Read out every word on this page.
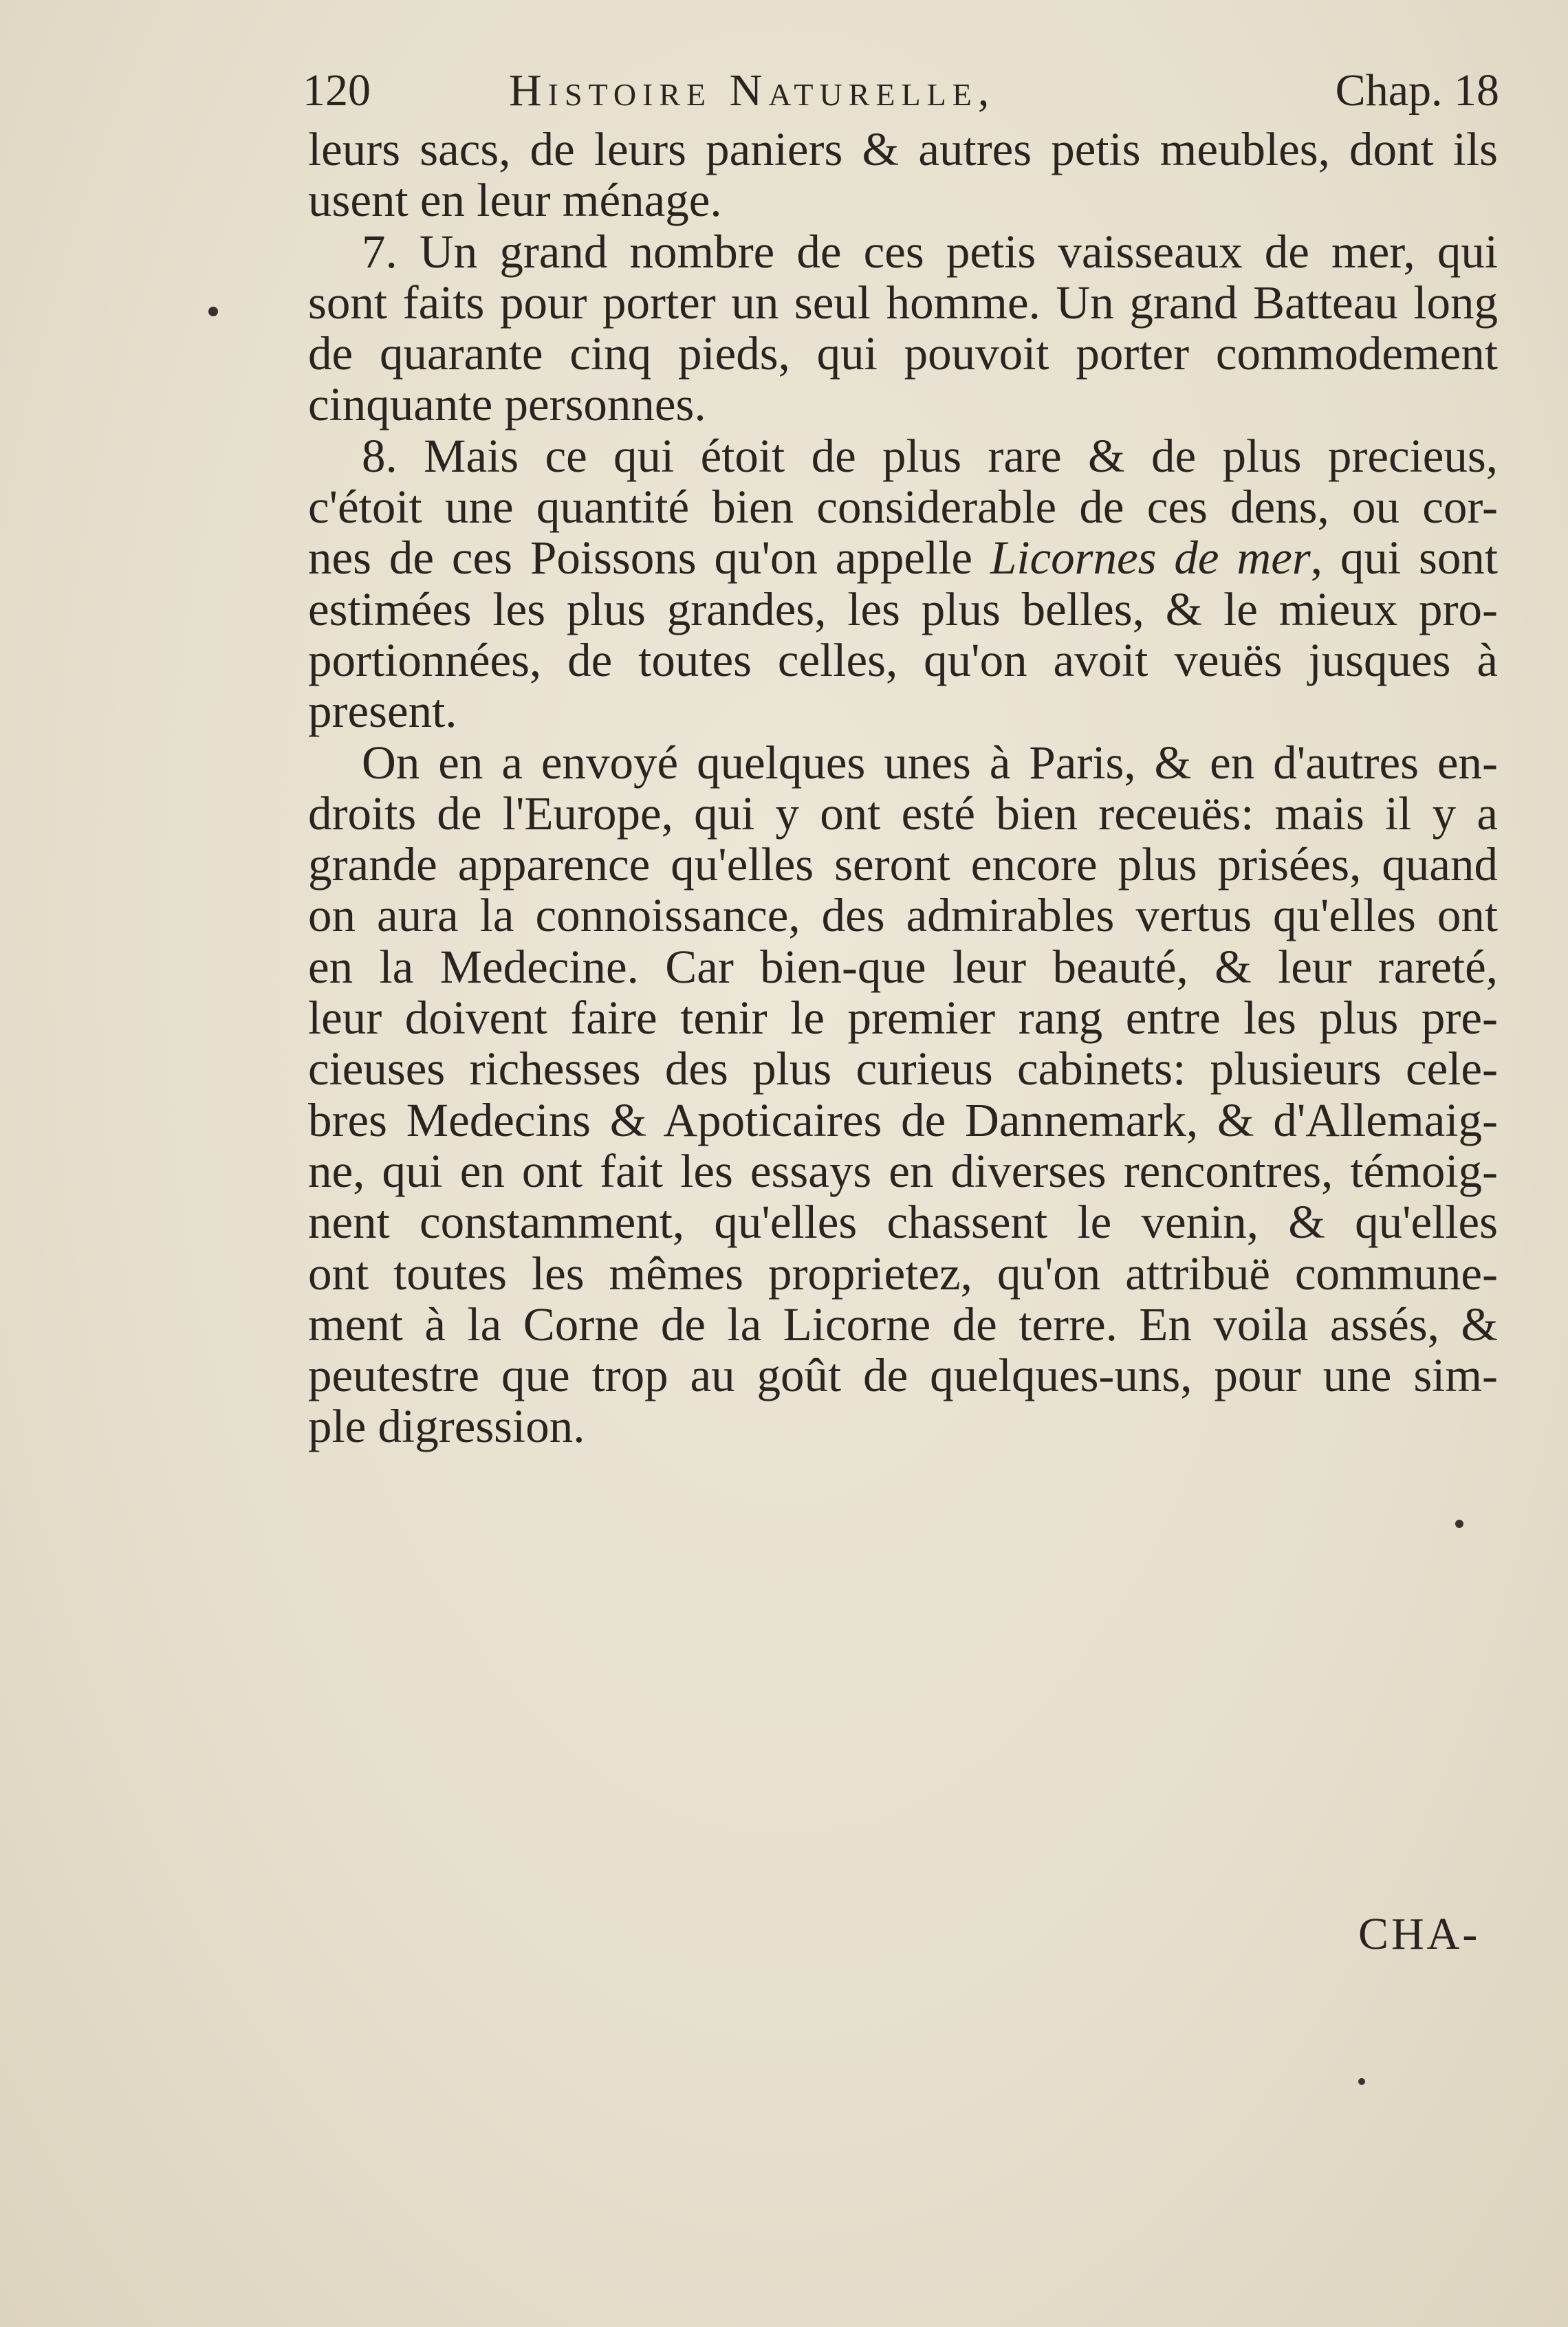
120	Histoire Naturelle,	Chap. 18
leurs sacs, de leurs paniers & autres petis meubles, dont ils
usent en leur ménage.
7. Un grand nombre de ces petis vaisseaux de mer, qui
sont faits pour porter un seul homme. Un grand Batteau long
de quarante cinq pieds, qui pouvoit porter commodement
cinquante personnes.
8. Mais ce qui étoit de plus rare & de plus precieus,
c'étoit une quantité bien considerable de ces dens, ou cor-
nes de ces Poissons qu'on appelle Licornes de mer, qui sont
estimées les plus grandes, les plus belles, & le mieux pro-
portionnées, de toutes celles, qu'on avoit veuës jusques à
present.
On en a envoyé quelques unes à Paris, & en d'autres en-
droits de l'Europe, qui y ont esté bien receuës: mais il y a
grande apparence qu'elles seront encore plus prisées, quand
on aura la connoissance, des admirables vertus qu'elles ont
en la Medecine. Car bien-que leur beauté, & leur rareté,
leur doivent faire tenir le premier rang entre les plus pre-
cieuses richesses des plus curieus cabinets: plusieurs cele-
bres Medecins & Apoticaires de Dannemark, & d'Allemaig-
ne, qui en ont fait les essays en diverses rencontres, témoig-
nent constamment, qu'elles chassent le venin, & qu'elles
ont toutes les mêmes proprietez, qu'on attribuë commune-
ment à la Corne de la Licorne de terre. En voila assés, &
peutestre que trop au goût de quelques-uns, pour une sim-
ple digression.
CHA-
